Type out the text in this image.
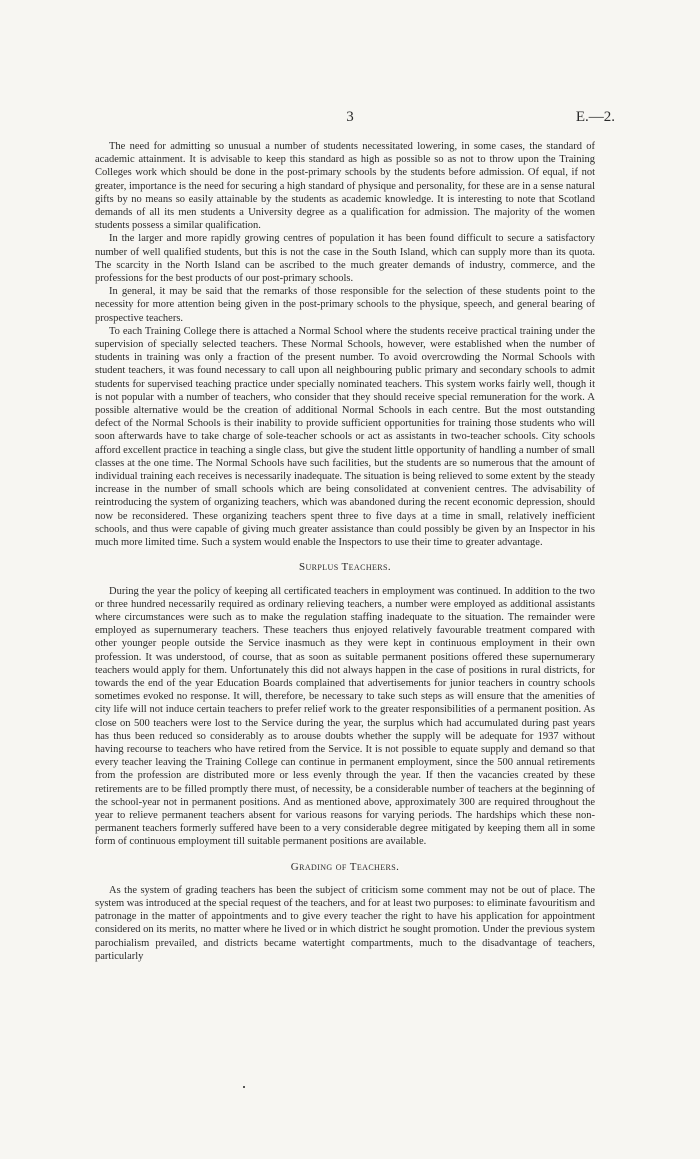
3	E.—2.

The need for admitting so unusual a number of students necessitated lowering, in some cases, the standard of academic attainment. It is advisable to keep this standard as high as possible so as not to throw upon the Training Colleges work which should be done in the post-primary schools by the students before admission. Of equal, if not greater, importance is the need for securing a high standard of physique and personality, for these are in a sense natural gifts by no means so easily attainable by the students as academic knowledge. It is interesting to note that Scotland demands of all its men students a University degree as a qualification for admission. The majority of the women students possess a similar qualification.

In the larger and more rapidly growing centres of population it has been found difficult to secure a satisfactory number of well qualified students, but this is not the case in the South Island, which can supply more than its quota. The scarcity in the North Island can be ascribed to the much greater demands of industry, commerce, and the professions for the best products of our post-primary schools.

In general, it may be said that the remarks of those responsible for the selection of these students point to the necessity for more attention being given in the post-primary schools to the physique, speech, and general bearing of prospective teachers.

To each Training College there is attached a Normal School where the students receive practical training under the supervision of specially selected teachers. These Normal Schools, however, were established when the number of students in training was only a fraction of the present number. To avoid overcrowding the Normal Schools with student teachers, it was found necessary to call upon all neighbouring public primary and secondary schools to admit students for supervised teaching practice under specially nominated teachers. This system works fairly well, though it is not popular with a number of teachers, who consider that they should receive special remuneration for the work. A possible alternative would be the creation of additional Normal Schools in each centre. But the most outstanding defect of the Normal Schools is their inability to provide sufficient opportunities for training those students who will soon afterwards have to take charge of sole-teacher schools or act as assistants in two-teacher schools. City schools afford excellent practice in teaching a single class, but give the student little opportunity of handling a number of small classes at the one time. The Normal Schools have such facilities, but the students are so numerous that the amount of individual training each receives is necessarily inadequate. The situation is being relieved to some extent by the steady increase in the number of small schools which are being consolidated at convenient centres. The advisability of reintroducing the system of organizing teachers, which was abandoned during the recent economic depression, should now be reconsidered. These organizing teachers spent three to five days at a time in small, relatively inefficient schools, and thus were capable of giving much greater assistance than could possibly be given by an Inspector in his much more limited time. Such a system would enable the Inspectors to use their time to greater advantage.

Surplus Teachers.

During the year the policy of keeping all certificated teachers in employment was continued. In addition to the two or three hundred necessarily required as ordinary relieving teachers, a number were employed as additional assistants where circumstances were such as to make the regulation staffing inadequate to the situation. The remainder were employed as supernumerary teachers. These teachers thus enjoyed relatively favourable treatment compared with other younger people outside the Service inasmuch as they were kept in continuous employment in their own profession. It was understood, of course, that as soon as suitable permanent positions offered these supernumerary teachers would apply for them. Unfortunately this did not always happen in the case of positions in rural districts, for towards the end of the year Education Boards complained that advertisements for junior teachers in country schools sometimes evoked no response. It will, therefore, be necessary to take such steps as will ensure that the amenities of city life will not induce certain teachers to prefer relief work to the greater responsibilities of a permanent position. As close on 500 teachers were lost to the Service during the year, the surplus which had accumulated during past years has thus been reduced so considerably as to arouse doubts whether the supply will be adequate for 1937 without having recourse to teachers who have retired from the Service. It is not possible to equate supply and demand so that every teacher leaving the Training College can continue in permanent employment, since the 500 annual retirements from the profession are distributed more or less evenly through the year. If then the vacancies created by these retirements are to be filled promptly there must, of necessity, be a considerable number of teachers at the beginning of the school-year not in permanent positions. And as mentioned above, approximately 300 are required throughout the year to relieve permanent teachers absent for various reasons for varying periods. The hardships which these non-permanent teachers formerly suffered have been to a very considerable degree mitigated by keeping them all in some form of continuous employment till suitable permanent positions are available.

Grading of Teachers.

As the system of grading teachers has been the subject of criticism some comment may not be out of place. The system was introduced at the special request of the teachers, and for at least two purposes: to eliminate favouritism and patronage in the matter of appointments and to give every teacher the right to have his application for appointment considered on its merits, no matter where he lived or in which district he sought promotion. Under the previous system parochialism prevailed, and districts became watertight compartments, much to the disadvantage of teachers, particularly
